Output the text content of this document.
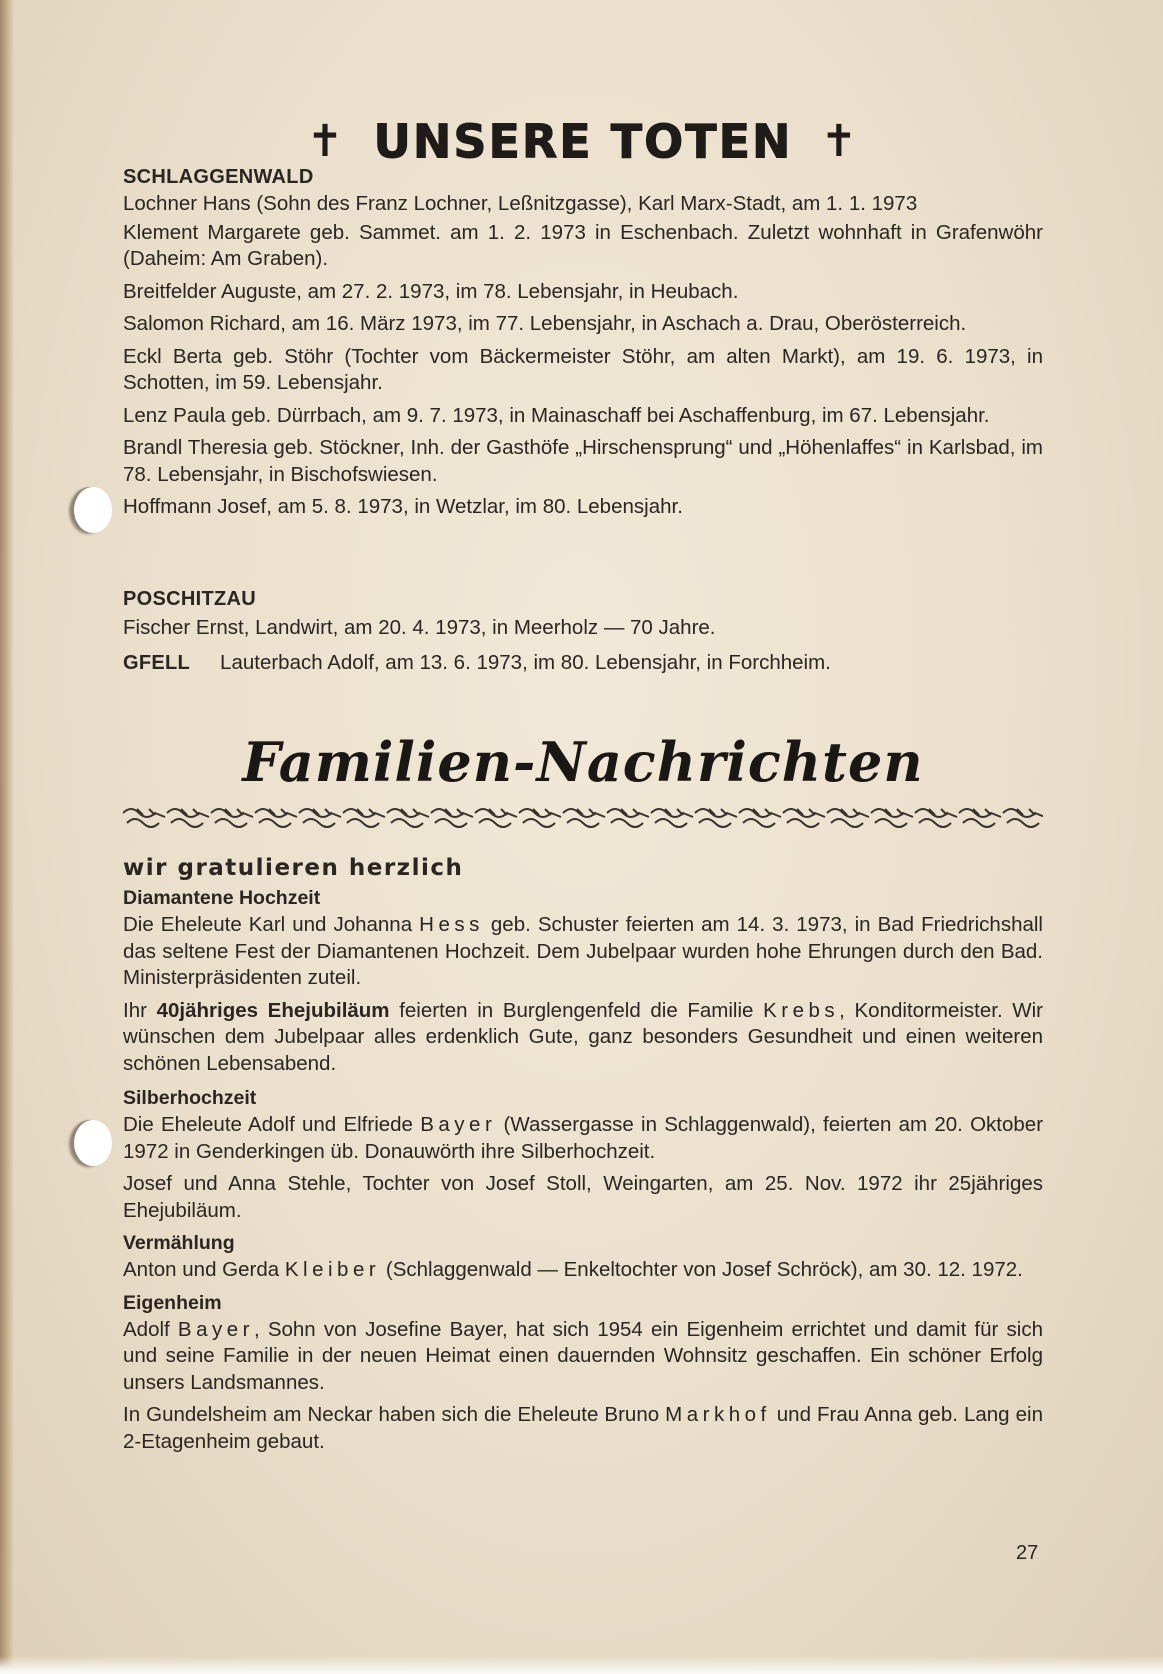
✝ UNSERE TOTEN ✝
SCHLAGGENWALD

Lochner Hans (Sohn des Franz Lochner, Leßnitzgasse), Karl Marx-Stadt, am 1. 1. 1973

Klement Margarete geb. Sammet. am 1. 2. 1973 in Eschenbach. Zuletzt wohnhaft in Grafenwöhr (Daheim: Am Graben).

Breitfelder Auguste, am 27. 2. 1973, im 78. Lebensjahr, in Heubach.

Salomon Richard, am 16. März 1973, im 77. Lebensjahr, in Aschach a. Drau, Oberösterreich.

Eckl Berta geb. Stöhr (Tochter vom Bäckermeister Stöhr, am alten Markt), am 19. 6. 1973, in Schotten, im 59. Lebensjahr.

Lenz Paula geb. Dürrbach, am 9. 7. 1973, in Mainaschaff bei Aschaffenburg, im 67. Lebensjahr.

Brandl Theresia geb. Stöckner, Inh. der Gasthöfe „Hirschensprung“ und „Höhenlaffes“ in Karlsbad, im 78. Lebensjahr, in Bischofswiesen.

Hoffmann Josef, am 5. 8. 1973, in Wetzlar, im 80. Lebensjahr.

POSCHITZAU

Fischer Ernst, Landwirt, am 20. 4. 1973, in Meerholz — 70 Jahre.

GFELL Lauterbach Adolf, am 13. 6. 1973, im 80. Lebensjahr, in Forchheim.

Familien-Nachrichten
wir gratulieren herzlich
Diamantene Hochzeit

Die Eheleute Karl und Johanna Hess geb. Schuster feierten am 14. 3. 1973, in Bad Friedrichshall das seltene Fest der Diamantenen Hochzeit. Dem Jubelpaar wurden hohe Ehrungen durch den Bad. Ministerpräsidenten zuteil.

Ihr 40jähriges Ehejubiläum feierten in Burglengenfeld die Familie Krebs, Konditormeister. Wir wünschen dem Jubelpaar alles erdenklich Gute, ganz besonders Gesundheit und einen weiteren schönen Lebensabend.

Silberhochzeit

Die Eheleute Adolf und Elfriede Bayer (Wassergasse in Schlaggenwald), feierten am 20. Oktober 1972 in Genderkingen üb. Donauwörth ihre Silberhochzeit.

Josef und Anna Stehle, Tochter von Josef Stoll, Weingarten, am 25. Nov. 1972 ihr 25jähriges Ehejubiläum.

Vermählung

Anton und Gerda Kleiber (Schlaggenwald — Enkeltochter von Josef Schröck), am 30. 12. 1972.

Eigenheim

Adolf Bayer, Sohn von Josefine Bayer, hat sich 1954 ein Eigenheim errichtet und damit für sich und seine Familie in der neuen Heimat einen dauernden Wohnsitz geschaffen. Ein schöner Erfolg unsers Landsmannes.

In Gundelsheim am Neckar haben sich die Eheleute Bruno Markhof und Frau Anna geb. Lang ein 2-Etagenheim gebaut.

27
